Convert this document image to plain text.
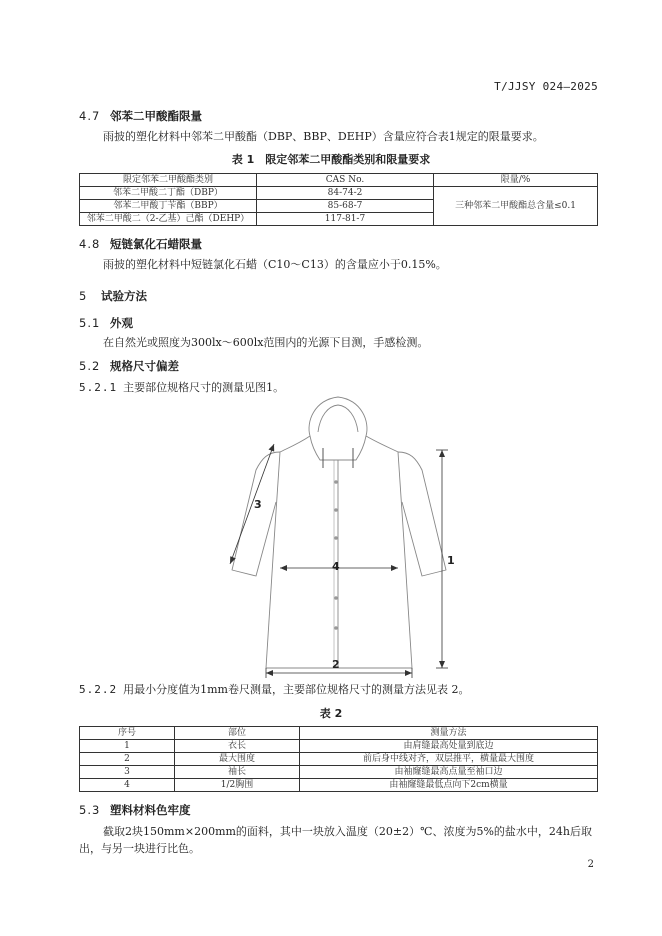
T/JJSY 024—2025
4.7 邻苯二甲酸酯限量
雨披的塑化材料中邻苯二甲酸酯（DBP、BBP、DEHP）含量应符合表1规定的限量要求。
表 1　限定邻苯二甲酸酯类别和限量要求
限定邻苯二甲酸酯类别	CAS No.	限量/%
邻苯二甲酸二丁酯（DBP）	84-74-2	三种邻苯二甲酸酯总含量≤0.1
邻苯二甲酸丁苄酯（BBP）	85-68-7	
邻苯二甲酸二（2-乙基）己酯（DEHP）	117-81-7	
4.8 短链氯化石蜡限量
雨披的塑化材料中短链氯化石蜡（C10～C13）的含量应小于0.15%。
5 试验方法
5.1 外观
在自然光或照度为300lx～600lx范围内的光源下目测，手感检测。
5.2 规格尺寸偏差
5.2.1 主要部位规格尺寸的测量见图1。
1
2
3
4
5.2.2 用最小分度值为1mm卷尺测量，主要部位规格尺寸的测量方法见表 2。
表 2
序号	部位	测量方法
1	衣长	由肩缝最高处量到底边
2	最大围度	前后身中线对齐，双层推平，横量最大围度
3	袖长	由袖窿缝最高点量至袖口边
4	1/2胸围	由袖窿缝最低点向下2cm横量
5.3 塑料材料色牢度
截取2块150mm×200mm的面料，其中一块放入温度（20±2）℃、浓度为5%的盐水中，24h后取出，与另一块进行比色。
2
